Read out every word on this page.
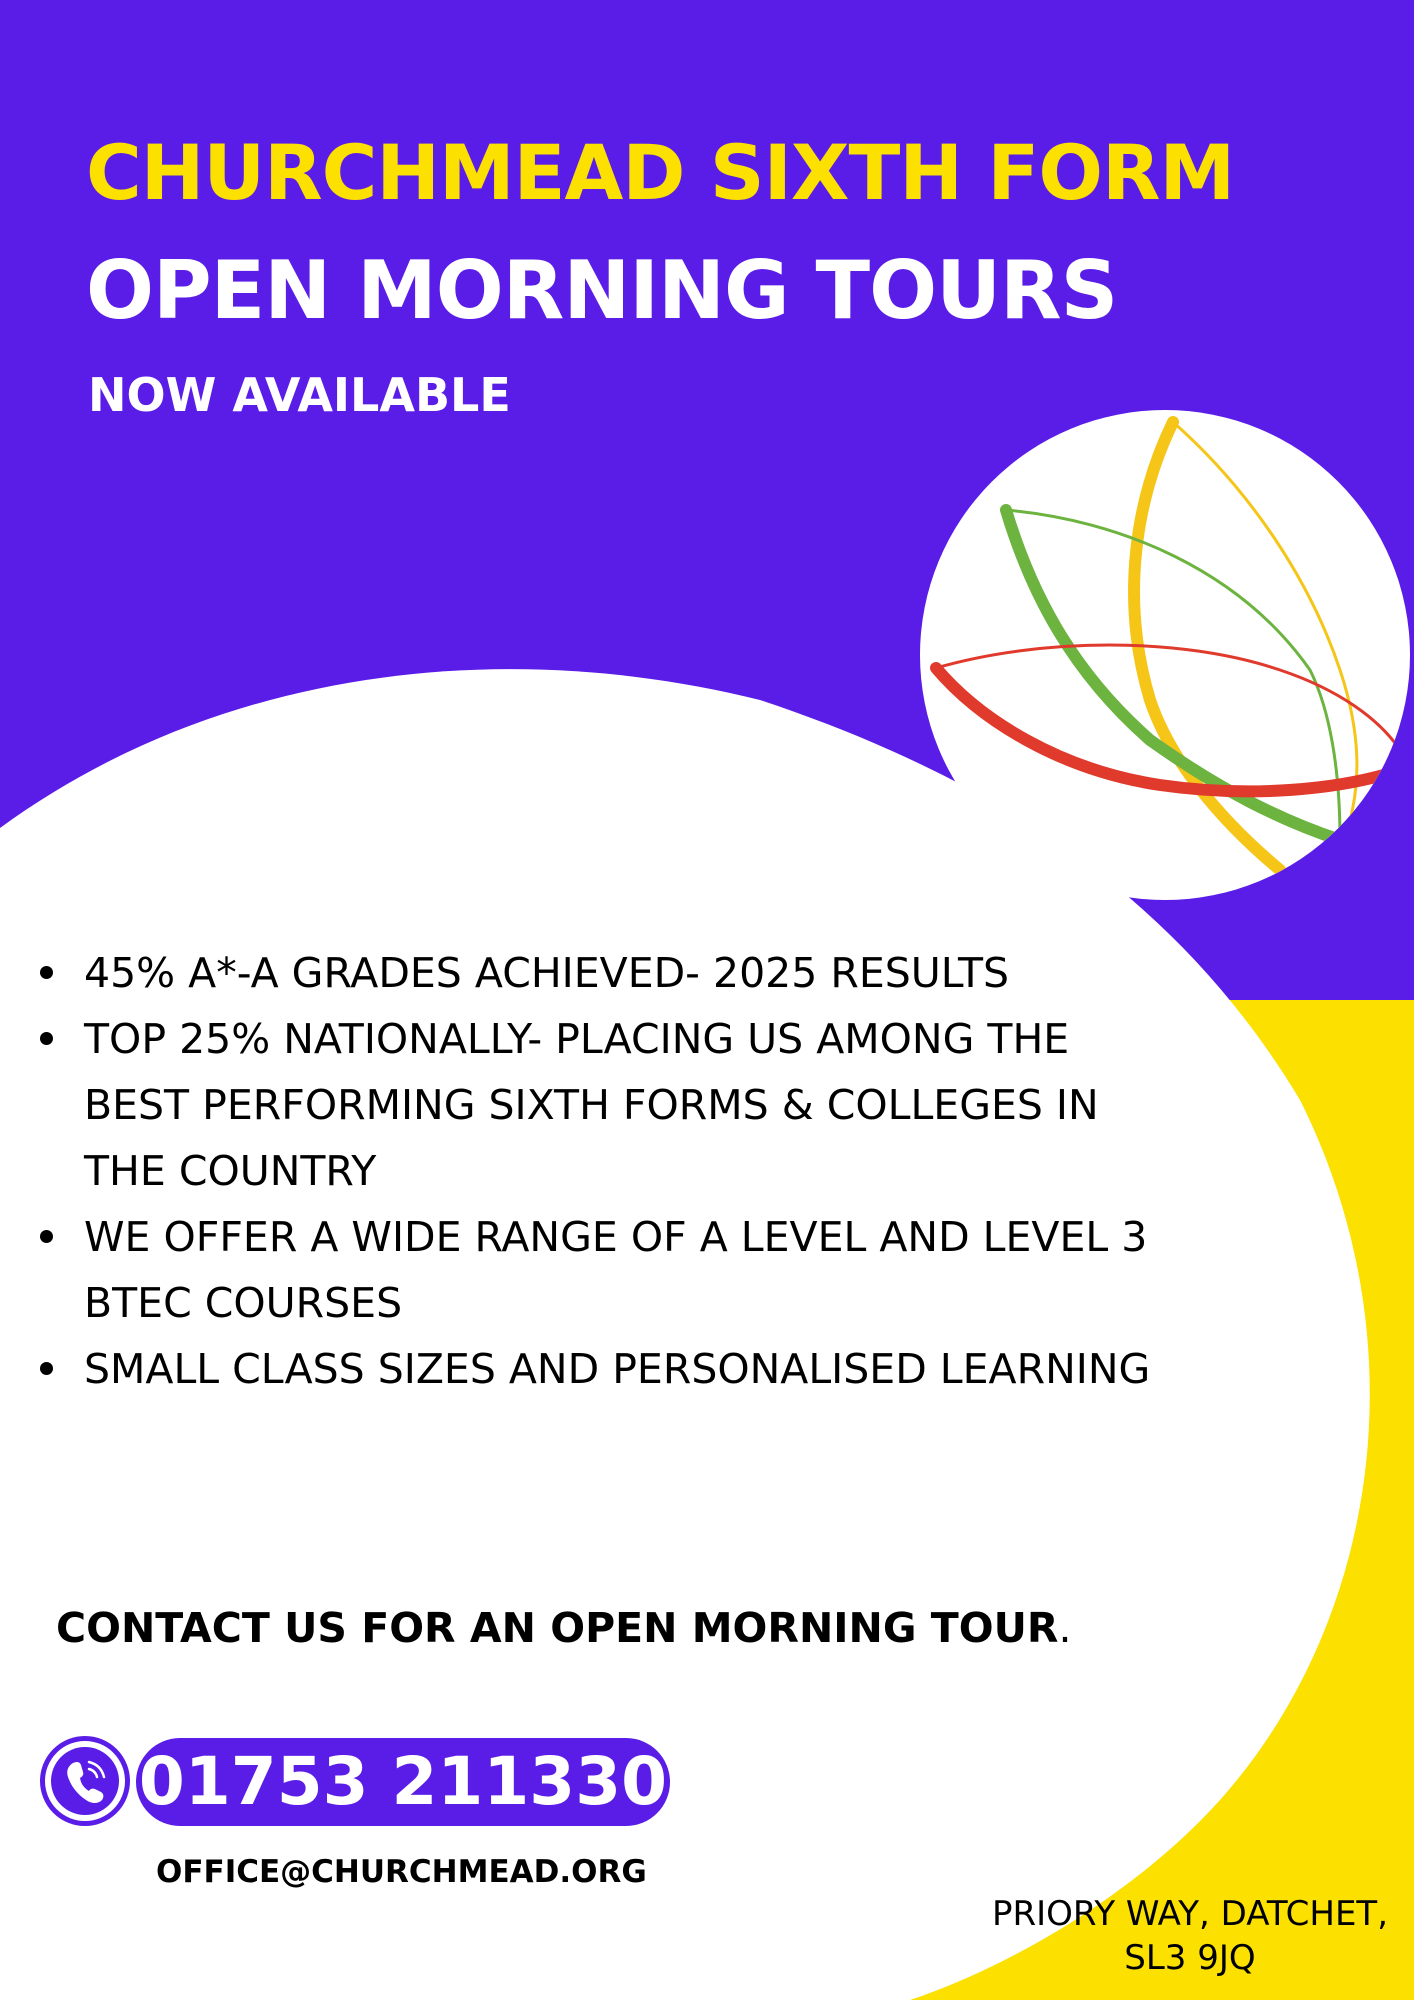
CHURCHMEAD SIXTH FORM
OPEN MORNING TOURS

NOW AVAILABLE

45% A*-A GRADES ACHIEVED- 2025 RESULTS
TOP 25% NATIONALLY- PLACING US AMONG THE BEST PERFORMING SIXTH FORMS & COLLEGES IN THE COUNTRY
WE OFFER A WIDE RANGE OF A LEVEL AND LEVEL 3 BTEC COURSES
SMALL CLASS SIZES AND PERSONALISED LEARNING

CONTACT US FOR AN OPEN MORNING TOUR.

01753 211330

OFFICE@CHURCHMEAD.ORG

PRIORY WAY, DATCHET,
SL3 9JQ
